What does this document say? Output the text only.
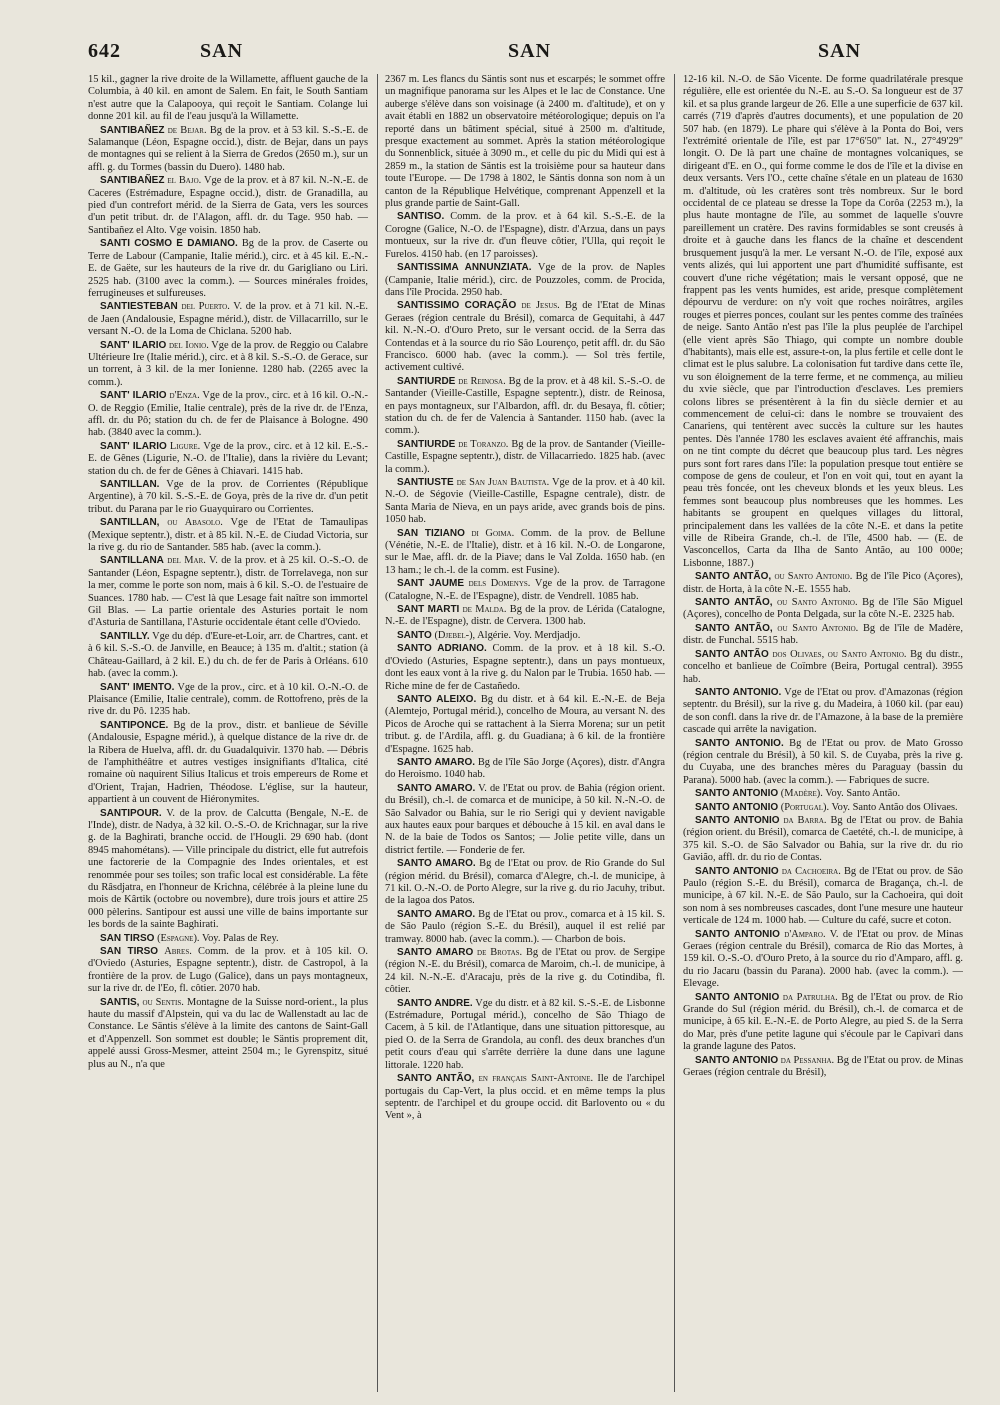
642	SAN	SAN	SAN

15 kil., gagner la rive droite de la Willamette, affluent gauche de la Columbia, à 40 kil. en amont de Salem. En fait, le South Santiam n'est autre que la Calapooya, qui reçoit le Santiam. Colange lui donne 201 kil. au fil de l'eau jusqu'à la Willamette.

SANTIBAÑEZ de Bejar. Bg de la prov. et à 53 kil. S.-S.-E. de Salamanque (Léon, Espagne occid.), distr. de Bejar, dans un pays de montagnes qui se relient à la Sierra de Gredos (2650 m.), sur un affl. g. du Tormes (bassin du Duero). 1480 hab.

SANTIBAÑEZ el Bajo. Vge de la prov. et à 87 kil. N.-N.-E. de Caceres (Estrémadure, Espagne occid.), distr. de Granadilla, au pied d'un contrefort mérid. de la Sierra de Gata, vers les sources d'un petit tribut. dr. de l'Alagon, affl. dr. du Tage. 950 hab. — Santibañez el Alto. Vge voisin. 1850 hab.

SANTI COSMO E DAMIANO. Bg de la prov. de Caserte ou Terre de Labour (Campanie, Italie mérid.), circ. et à 45 kil. E.-N.-E. de Gaëte, sur les hauteurs de la rive dr. du Garigliano ou Liri. 2525 hab. (3100 avec la comm.). — Sources minérales froides, ferrugineuses et sulfureuses.

SANTIESTEBAN del Puerto. V. de la prov. et à 71 kil. N.-E. de Jaen (Andalousie, Espagne mérid.), distr. de Villacarrillo, sur le versant N.-O. de la Loma de Chiclana. 5200 hab.

SANT' ILARIO del Ionio. Vge de la prov. de Reggio ou Calabre Ultérieure Ire (Italie mérid.), circ. et à 8 kil. S.-S.-O. de Gerace, sur un torrent, à 3 kil. de la mer Ionienne. 1280 hab. (2265 avec la comm.).

SANT' ILARIO d'Enza. Vge de la prov., circ. et à 16 kil. O.-N.-O. de Reggio (Emilie, Italie centrale), près de la rive dr. de l'Enza, affl. dr. du Pô; station du ch. de fer de Plaisance à Bologne. 490 hab. (3840 avec la comm.).

SANT' ILARIO Ligure. Vge de la prov., circ. et à 12 kil. E.-S.-E. de Gênes (Ligurie, N.-O. de l'Italie), dans la rivière du Levant; station du ch. de fer de Gênes à Chiavari. 1415 hab.

SANTILLAN. Vge de la prov. de Corrientes (République Argentine), à 70 kil. S.-S.-E. de Goya, près de la rive dr. d'un petit tribut. du Parana par le rio Guayquiraro ou Corrientes.

SANTILLAN, ou Abasolo. Vge de l'Etat de Tamaulipas (Mexique septentr.), distr. et à 85 kil. N.-E. de Ciudad Victoria, sur la rive g. du rio de Santander. 585 hab. (avec la comm.).

SANTILLANA del Mar. V. de la prov. et à 25 kil. O.-S.-O. de Santander (Léon, Espagne septentr.), distr. de Torrelavega, non sur la mer, comme le porte son nom, mais à 6 kil. S.-O. de l'estuaire de Suances. 1780 hab. — C'est là que Lesage fait naître son immortel Gil Blas. — La partie orientale des Asturies portait le nom d'Asturia de Santillana, l'Asturie occidentale étant celle d'Oviedo.

SANTILLY. Vge du dép. d'Eure-et-Loir, arr. de Chartres, cant. et à 6 kil. S.-S.-O. de Janville, en Beauce; à 135 m. d'altit.; station (à Château-Gaillard, à 2 kil. E.) du ch. de fer de Paris à Orléans. 610 hab. (avec la comm.).

SANT' IMENTO. Vge de la prov., circ. et à 10 kil. O.-N.-O. de Plaisance (Emilie, Italie centrale), comm. de Rottofreno, près de la rive dr. du Pô. 1235 hab.

SANTIPONCE. Bg de la prov., distr. et banlieue de Séville (Andalousie, Espagne mérid.), à quelque distance de la rive dr. de la Ribera de Huelva, affl. dr. du Guadalquivir. 1370 hab. — Débris de l'amphithéâtre et autres vestiges insignifiants d'Italica, cité romaine où naquirent Silius Italicus et trois empereurs de Rome et d'Orient, Trajan, Hadrien, Théodose. L'église, sur la hauteur, appartient à un couvent de Hiéronymites.

SANTIPOUR. V. de la prov. de Calcutta (Bengale, N.-E. de l'Inde), distr. de Nadya, à 32 kil. O.-S.-O. de Krichnagar, sur la rive g. de la Baghirati, branche occid. de l'Hougli. 29 690 hab. (dont 8945 mahométans). — Ville principale du district, elle fut autrefois une factorerie de la Compagnie des Indes orientales, et est renommée pour ses toiles; son trafic local est considérable. La fête du Râsdjatra, en l'honneur de Krichna, célébrée à la pleine lune du mois de Kârtik (octobre ou novembre), dure trois jours et attire 25 000 pèlerins. Santipour est aussi une ville de bains importante sur les bords de la sainte Baghirati.

SAN TIRSO (Espagne). Voy. Palas de Rey.

SAN TIRSO Abres. Comm. de la prov. et à 105 kil. O. d'Oviedo (Asturies, Espagne septentr.), distr. de Castropol, à la frontière de la prov. de Lugo (Galice), dans un pays montagneux, sur la rive dr. de l'Eo, fl. côtier. 2070 hab.

SANTIS, ou Sentis. Montagne de la Suisse nord-orient., la plus haute du massif d'Alpstein, qui va du lac de Wallenstadt au lac de Constance. Le Säntis s'élève à la limite des cantons de Saint-Gall et d'Appenzell. Son sommet est double; le Säntis proprement dit, appelé aussi Gross-Mesmer, atteint 2504 m.; le Gyrenspitz, situé plus au N., n'a que

2367 m. Les flancs du Säntis sont nus et escarpés; le sommet offre un magnifique panorama sur les Alpes et le lac de Constance. Une auberge s'élève dans son voisinage (à 2400 m. d'altitude), et on y avait établi en 1882 un observatoire météorologique; depuis on l'a reporté dans un bâtiment spécial, situé à 2500 m. d'altitude, presque exactement au sommet. Après la station météorologique du Sonnenblick, située à 3090 m., et celle du pic du Midi qui est à 2859 m., la station de Säntis est la troisième pour sa hauteur dans toute l'Europe. — De 1798 à 1802, le Säntis donna son nom à un canton de la République Helvétique, comprenant Appenzell et la plus grande partie de Saint-Gall.

SANTISO. Comm. de la prov. et à 64 kil. S.-S.-E. de la Corogne (Galice, N.-O. de l'Espagne), distr. d'Arzua, dans un pays montueux, sur la rive dr. d'un fleuve côtier, l'Ulla, qui reçoit le Furelos. 4150 hab. (en 17 paroisses).

SANTISSIMA ANNUNZIATA. Vge de la prov. de Naples (Campanie, Italie mérid.), circ. de Pouzzoles, comm. de Procida, dans l'île Procida. 2950 hab.

SANTISSIMO CORAÇÃO de Jesus. Bg de l'Etat de Minas Geraes (région centrale du Brésil), comarca de Gequitahi, à 447 kil. N.-N.-O. d'Ouro Preto, sur le versant occid. de la Serra das Contendas et à la source du rio São Lourenço, petit affl. dr. du São Francisco. 6000 hab. (avec la comm.). — Sol très fertile, activement cultivé.

SANTIURDE de Reinosa. Bg de la prov. et à 48 kil. S.-S.-O. de Santander (Vieille-Castille, Espagne septentr.), distr. de Reinosa, en pays montagneux, sur l'Albardon, affl. dr. du Besaya, fl. côtier; station du ch. de fer de Valencia à Santander. 1150 hab. (avec la comm.).

SANTIURDE de Toranzo. Bg de la prov. de Santander (Vieille-Castille, Espagne septentr.), distr. de Villacarriedo. 1825 hab. (avec la comm.).

SANTIUSTE de San Juan Bautista. Vge de la prov. et à 40 kil. N.-O. de Ségovie (Vieille-Castille, Espagne centrale), distr. de Santa Maria de Nieva, en un pays aride, avec grands bois de pins. 1050 hab.

SAN TIZIANO di Goima. Comm. de la prov. de Bellune (Vénétie, N.-E. de l'Italie), distr. et à 16 kil. N.-O. de Longarone, sur le Mae, affl. dr. de la Piave; dans le Val Zolda. 1650 hab. (en 13 ham.; le ch.-l. de la comm. est Fusine).

SANT JAUME dels Domenys. Vge de la prov. de Tarragone (Catalogne, N.-E. de l'Espagne), distr. de Vendrell. 1085 hab.

SANT MARTI de Malda. Bg de la prov. de Lérida (Catalogne, N.-E. de l'Espagne), distr. de Cervera. 1300 hab.

SANTO (Djebel-), Algérie. Voy. Merdjadjo.

SANTO ADRIANO. Comm. de la prov. et à 18 kil. S.-O. d'Oviedo (Asturies, Espagne septentr.), dans un pays montueux, dont les eaux vont à la rive g. du Nalon par le Trubia. 1650 hab. — Riche mine de fer de Castañedo.

SANTO ALEIXO. Bg du distr. et à 64 kil. E.-N.-E. de Beja (Alemtejo, Portugal mérid.), concelho de Moura, au versant N. des Picos de Aroche qui se rattachent à la Sierra Morena; sur un petit tribut. g. de l'Ardila, affl. g. du Guadiana; à 6 kil. de la frontière d'Espagne. 1625 hab.

SANTO AMARO. Bg de l'île São Jorge (Açores), distr. d'Angra do Heroismo. 1040 hab.

SANTO AMARO. V. de l'Etat ou prov. de Bahia (région orient. du Brésil), ch.-l. de comarca et de municipe, à 50 kil. N.-N.-O. de São Salvador ou Bahia, sur le rio Serigi qui y devient navigable aux hautes eaux pour barques et débouche à 15 kil. en aval dans le N. de la baie de Todos os Santos; — Jolie petite ville, dans un district fertile. — Fonderie de fer.

SANTO AMARO. Bg de l'Etat ou prov. de Rio Grande do Sul (région mérid. du Brésil), comarca d'Alegre, ch.-l. de municipe, à 71 kil. O.-N.-O. de Porto Alegre, sur la rive g. du rio Jacuhy, tribut. de la lagoa dos Patos.

SANTO AMARO. Bg de l'Etat ou prov., comarca et à 15 kil. S. de São Paulo (région S.-E. du Brésil), auquel il est relié par tramway. 8000 hab. (avec la comm.). — Charbon de bois.

SANTO AMARO de Brotas. Bg de l'Etat ou prov. de Sergipe (région N.-E. du Brésil), comarca de Maroim, ch.-l. de municipe, à 24 kil. N.-N.-E. d'Aracaju, près de la rive g. du Cotindiba, fl. côtier.

SANTO ANDRE. Vge du distr. et à 82 kil. S.-S.-E. de Lisbonne (Estrémadure, Portugal mérid.), concelho de São Thiago de Cacem, à 5 kil. de l'Atlantique, dans une situation pittoresque, au pied O. de la Serra de Grandola, au confl. des deux branches d'un petit cours d'eau qui s'arrête derrière la dune dans une lagune littorale. 1220 hab.

SANTO ANTÃO, en français Saint-Antoine. Ile de l'archipel portugais du Cap-Vert, la plus occid. et en même temps la plus septentr. de l'archipel et du groupe occid. dit Barlovento ou « du Vent », à

12-16 kil. N.-O. de São Vicente. De forme quadrilatérale presque régulière, elle est orientée du N.-E. au S.-O. Sa longueur est de 37 kil. et sa plus grande largeur de 26. Elle a une superficie de 637 kil. carrés (719 d'après d'autres documents), et une population de 20 507 hab. (en 1879). Le phare qui s'élève à la Ponta do Boi, vers l'extrémité orientale de l'île, est par 17°6'50" lat. N., 27°49'29" longit. O. De là part une chaîne de montagnes volcaniques, se dirigeant d'E. en O., qui forme comme le dos de l'île et la divise en deux versants. Vers l'O., cette chaîne s'étale en un plateau de 1630 m. d'altitude, où les cratères sont très nombreux. Sur le bord occidental de ce plateau se dresse la Tope da Corôa (2253 m.), la plus haute montagne de l'île, au sommet de laquelle s'ouvre pareillement un cratère. Des ravins formidables se sont creusés à droite et à gauche dans les flancs de la chaîne et descendent brusquement jusqu'à la mer. Le versant N.-O. de l'île, exposé aux vents alizés, qui lui apportent une part d'humidité suffisante, est couvert d'une riche végétation; mais le versant opposé, que ne frappent pas les vents humides, est aride, presque complètement dépourvu de verdure: on n'y voit que roches noirâtres, argiles rouges et pierres ponces, coulant sur les pentes comme des traînées de neige. Santo Antão n'est pas l'île la plus peuplée de l'archipel (elle vient après São Thiago, qui compte un nombre double d'habitants), mais elle est, assure-t-on, la plus fertile et celle dont le climat est le plus salubre. La colonisation fut tardive dans cette île, vu son éloignement de la terre ferme, et ne commença, au milieu du xvie siècle, que par l'introduction d'esclaves. Les premiers colons libres se présentèrent à la fin du siècle dernier et au commencement de celui-ci: dans le nombre se trouvaient des Canariens, qui tentèrent avec succès la culture sur les hautes pentes. Dès l'année 1780 les esclaves avaient été affranchis, mais on ne tint compte du décret que beaucoup plus tard. Les nègres purs sont fort rares dans l'île: la population presque tout entière se compose de gens de couleur, et l'on en voit qui, tout en ayant la peau très foncée, ont les cheveux blonds et les yeux bleus. Les femmes sont beaucoup plus nombreuses que les hommes. Les habitants se groupent en quelques villages du littoral, principalement dans les vallées de la côte N.-E. et dans la petite ville de Ribeira Grande, ch.-l. de l'île, 4500 hab. — (E. de Vasconcellos, Carta da Ilha de Santo Antão, au 100 000e; Lisbonne, 1887.)

SANTO ANTÃO, ou Santo Antonio. Bg de l'île Pico (Açores), distr. de Horta, à la côte N.-E. 1555 hab.

SANTO ANTÃO, ou Santo Antonio. Bg de l'île São Miguel (Açores), concelho de Ponta Delgada, sur la côte N.-E. 2325 hab.

SANTO ANTÃO, ou Santo Antonio. Bg de l'île de Madère, distr. de Funchal. 5515 hab.

SANTO ANTÃO dos Olivaes, ou Santo Antonio. Bg du distr., concelho et banlieue de Coïmbre (Beira, Portugal central). 3955 hab.

SANTO ANTONIO. Vge de l'Etat ou prov. d'Amazonas (région septentr. du Brésil), sur la rive g. du Madeira, à 1060 kil. (par eau) de son confl. dans la rive dr. de l'Amazone, à la base de la première cascade qui arrête la navigation.

SANTO ANTONIO. Bg de l'Etat ou prov. de Mato Grosso (région centrale du Brésil), à 50 kil. S. de Cuyaba, près la rive g. du Cuyaba, une des branches mères du Paraguay (bassin du Parana). 5000 hab. (avec la comm.). — Fabriques de sucre.

SANTO ANTONIO (Madère). Voy. Santo Antão.

SANTO ANTONIO (Portugal). Voy. Santo Antão dos Olivaes.

SANTO ANTONIO da Barra. Bg de l'Etat ou prov. de Bahia (région orient. du Brésil), comarca de Caetété, ch.-l. de municipe, à 375 kil. S.-O. de São Salvador ou Bahia, sur la rive dr. du rio Gavião, affl. dr. du rio de Contas.

SANTO ANTONIO da Cachoeira. Bg de l'Etat ou prov. de São Paulo (région S.-E. du Brésil), comarca de Bragança, ch.-l. de municipe, à 67 kil. N.-E. de São Paulo, sur la Cachoeira, qui doit son nom à ses nombreuses cascades, dont l'une mesure une hauteur verticale de 124 m. 1000 hab. — Culture du café, sucre et coton.

SANTO ANTONIO d'Amparo. V. de l'Etat ou prov. de Minas Geraes (région centrale du Brésil), comarca de Rio das Mortes, à 159 kil. O.-S.-O. d'Ouro Preto, à la source du rio d'Amparo, affl. g. du rio Jacaru (bassin du Parana). 2000 hab. (avec la comm.). — Elevage.

SANTO ANTONIO da Patrulha. Bg de l'Etat ou prov. de Rio Grande do Sul (région mérid. du Brésil), ch.-l. de comarca et de municipe, à 65 kil. E.-N.-E. de Porto Alegre, au pied S. de la Serra do Mar, près d'une petite lagune qui s'écoule par le Capivari dans la grande lagune des Patos.

SANTO ANTONIO da Pessanha. Bg de l'Etat ou prov. de Minas Geraes (région centrale du Brésil),
